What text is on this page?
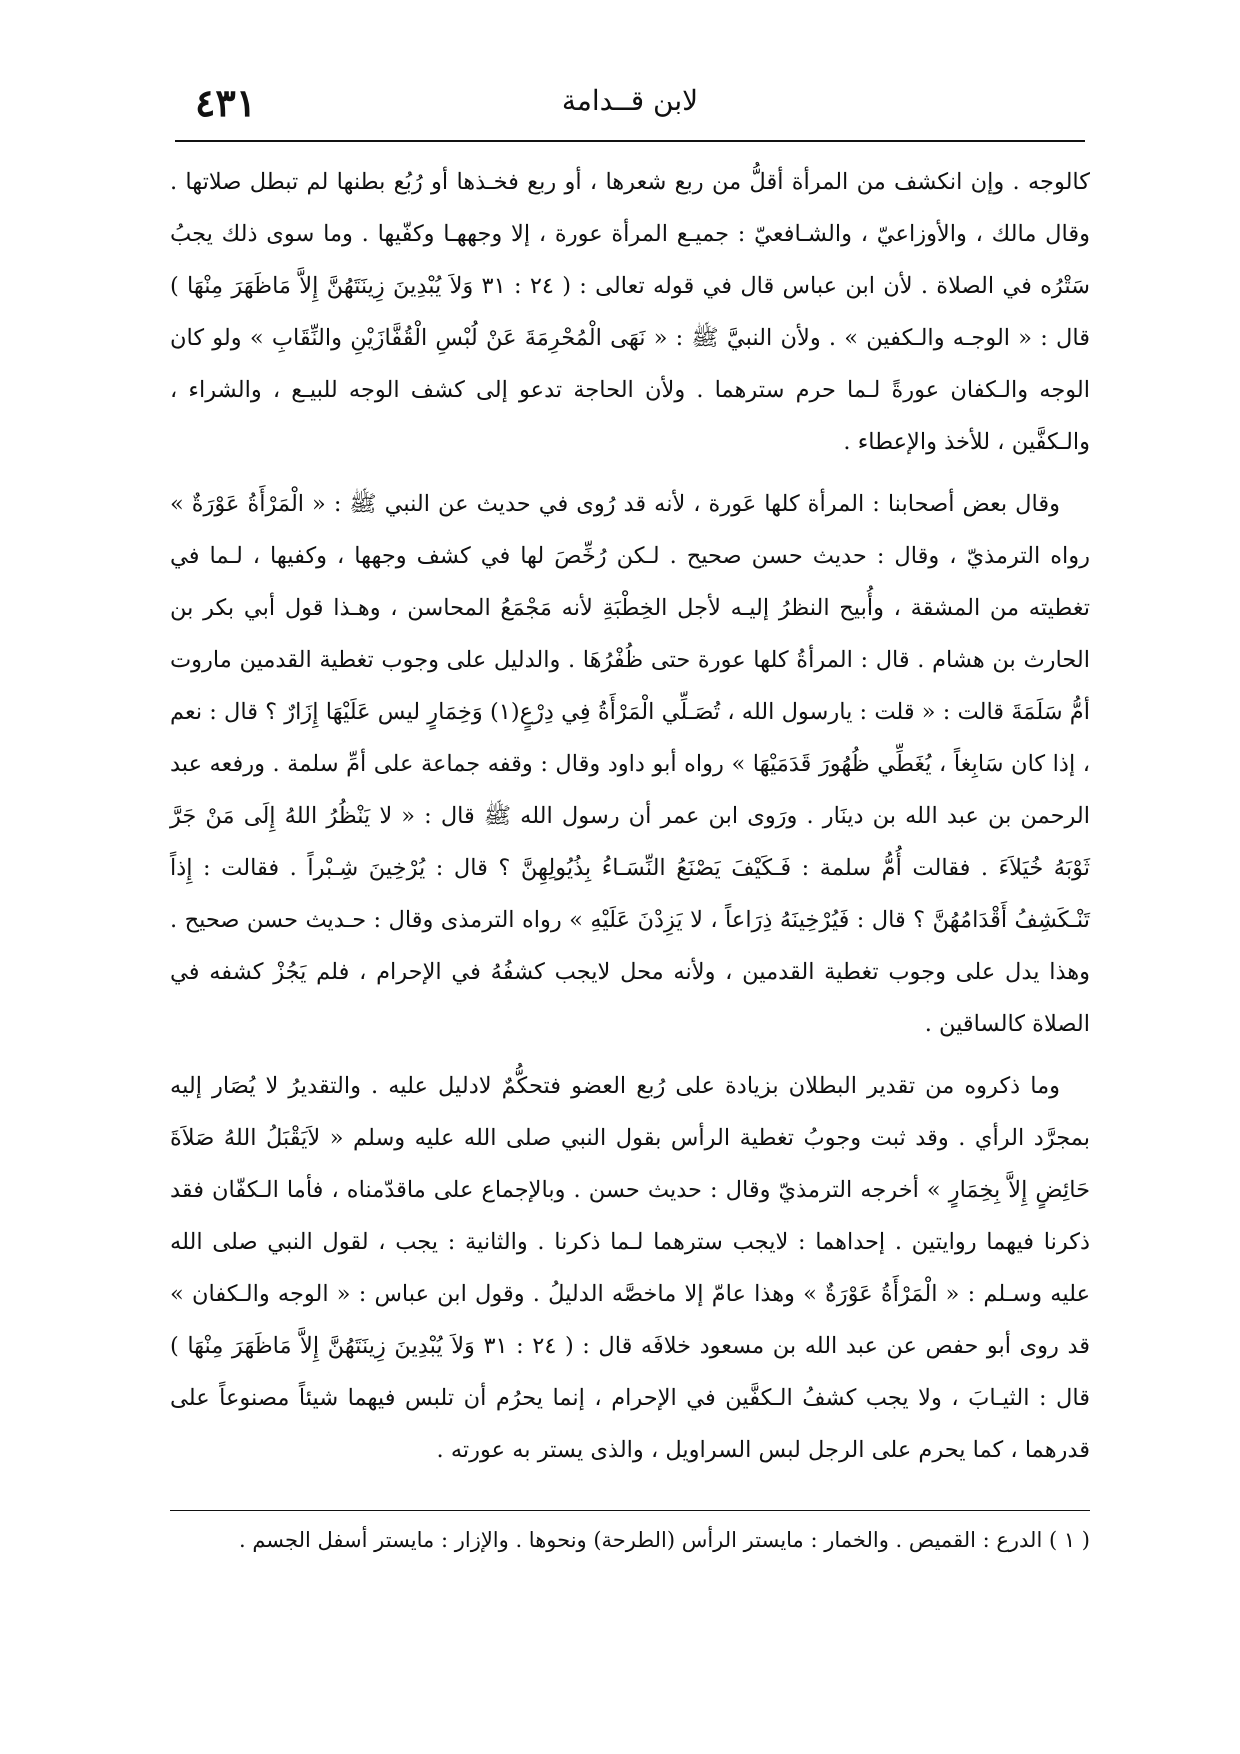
لابن قــدامة
٤٣١

كالوجه . وإن انكشف من المرأة أقلُّ من ربع شعرها ، أو ربع فخـذها أو رُبُع بطنها لم تبطل صلاتها . وقال مالك ، والأوزاعيّ ، والشـافعيّ : جميـع المرأة عورة ، إلا وجههـا وكفّيها . وما سوى ذلك يجبُ سَتْرُه في الصلاة . لأن ابن عباس قال في قوله تعالى : ( ٢٤ : ٣١ وَلاَ يُبْدِينَ زِينَتَهُنَّ إِلاَّ مَاظَهَرَ مِنْهَا ) قال : « الوجـه والـكفين » . ولأن النبيَّ ﷺ : « نَهَى الْمُحْرِمَةَ عَنْ لُبْسِ الْقُفَّازَيْنِ والنِّقَابِ » ولو كان الوجه والـكفان عورةً لـما حرم سترهما . ولأن الحاجة تدعو إلى كشف الوجه للبيـع ، والشراء ، والـكفَّين ، للأخذ والإعطاء .

وقال بعض أصحابنا : المرأة كلها عَورة ، لأنه قد رُوى في حديث عن النبي ﷺ : « الْمَرْأَةُ عَوْرَةٌ » رواه الترمذيّ ، وقال : حديث حسن صحيح . لـكن رُخِّصَ لها في كشف وجهها ، وكفيها ، لـما في تغطيته من المشقة ، وأُبيح النظرُ إليـه لأجل الخِطْبَةِ لأنه مَجْمَعُ المحاسن ، وهـذا قول أبي بكر بن الحارث بن هشام . قال : المرأةُ كلها عورة حتى ظُفْرُهَا . والدليل على وجوب تغطية القدمين ماروت أمُّ سَلَمَةَ قالت : « قلت : يارسول الله ، تُصَـلِّي الْمَرْأَةُ فِي دِرْعٍ(١) وَخِمَارٍ ليس عَلَيْهَا إِزَارٌ ؟ قال : نعم ، إذا كان سَابِغاً ، يُغَطِّي ظُهُورَ قَدَمَيْهَا » رواه أبو داود وقال : وقفه جماعة على أمِّ سلمة . ورفعه عبد الرحمن بن عبد الله بن دينَار . ورَوى ابن عمر أن رسول الله ﷺ قال : « لا يَنْظُرُ اللهُ إِلَى مَنْ جَرَّ ثَوْبَهُ خُيَلاَءَ . فقالت أُمُّ سلمة : فَـكَيْفَ يَصْنَعُ النِّسَـاءُ بِذُيُولِهِنَّ ؟ قال : يُرْخِينَ شِـبْراً . فقالت : إِذاً تَنْـكَشِفُ أَقْدَامُهُنَّ ؟ قال : فَيُرْخِينَهُ ذِرَاعاً ، لا يَزِدْنَ عَلَيْهِ » رواه الترمذى وقال : حـديث حسن صحيح . وهذا يدل على وجوب تغطية القدمين ، ولأنه محل لايجب كشفُهُ في الإحرام ، فلم يَجُزْ كشفه في الصلاة كالساقين .

وما ذكروه من تقدير البطلان بزيادة على رُبع العضو فتحكُّمٌ لادليل عليه . والتقديرُ لا يُصَار إليه بمجرَّد الرأي . وقد ثبت وجوبُ تغطية الرأس بقول النبي صلى الله عليه وسلم « لاَيَقْبَلُ اللهُ صَلاَةَ حَائِضٍ إِلاَّ بِخِمَارٍ » أخرجه الترمذيّ وقال : حديث حسن . وبالإجماع على ماقدّمناه ، فأما الـكفّان فقد ذكرنا فيهما روايتين . إحداهما : لايجب سترهما لـما ذكرنا . والثانية : يجب ، لقول النبي صلى الله عليه وسـلم : « الْمَرْأَةُ عَوْرَةٌ » وهذا عامّ إلا ماخصَّه الدليلُ . وقول ابن عباس : « الوجه والـكفان » قد روى أبو حفص عن عبد الله بن مسعود خلافَه قال : ( ٢٤ : ٣١ وَلاَ يُبْدِينَ زِينَتَهُنَّ إِلاَّ مَاظَهَرَ مِنْهَا ) قال : الثيـابَ ، ولا يجب كشفُ الـكفَّين في الإحرام ، إنما يحرُم أن تلبس فيهما شيئاً مصنوعاً على قدرهما ، كما يحرم على الرجل لبس السراويل ، والذى يستر به عورته .

( ١ ) الدرع : القميص . والخمار : مايستر الرأس (الطرحة) ونحوها . والإزار : مايستر أسفل الجسم .
